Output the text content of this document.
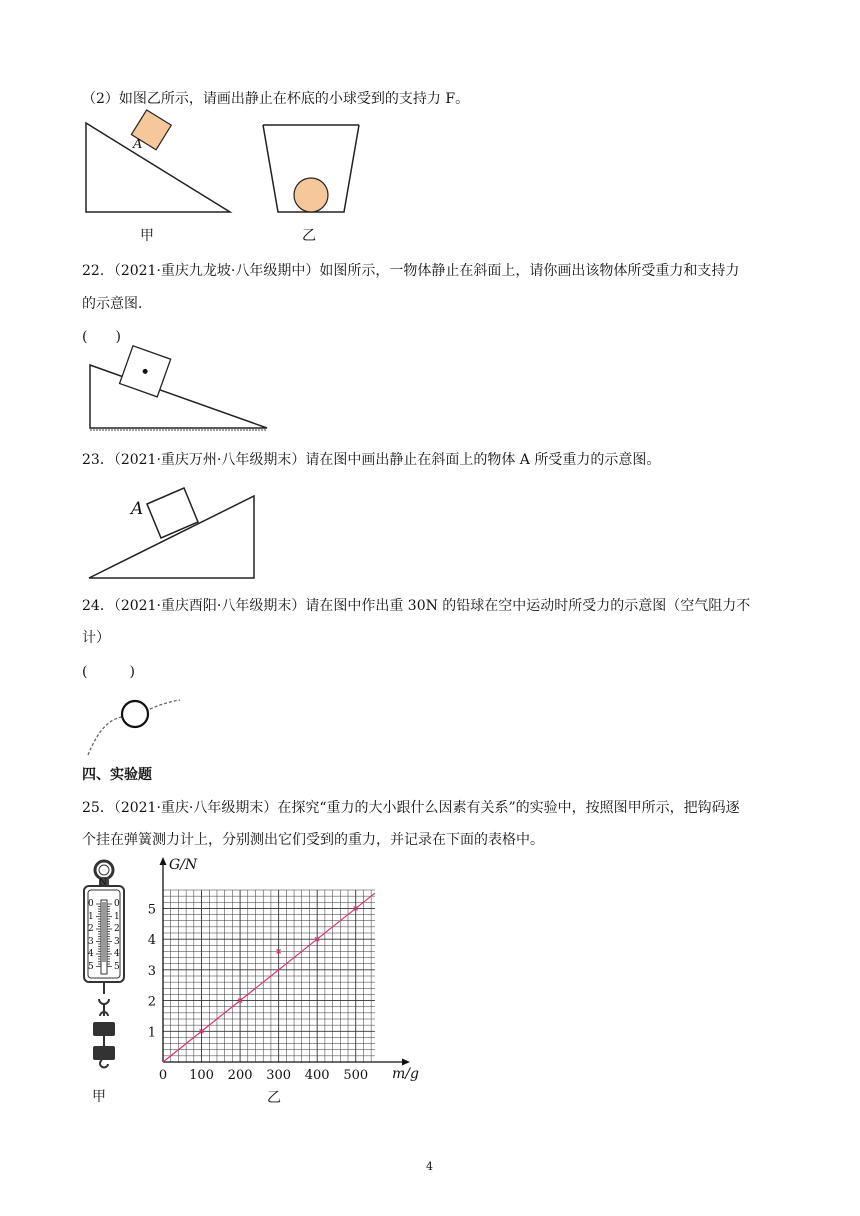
（2）如图乙所示，请画出静止在杯底的小球受到的支持力 F。
A
甲	乙
22．（2021·重庆九龙坡·八年级期中）如图所示，一物体静止在斜面上，请你画出该物体所受重力和支持力
的示意图．
(　　)
23．（2021·重庆万州·八年级期末）请在图中画出静止在斜面上的物体 A 所受重力的示意图。
A
24．（2021·重庆酉阳·八年级期末）请在图中作出重 30N 的铅球在空中运动时所受力的示意图（空气阻力不
计）
(　　　)
四、实验题
25．（2021·重庆·八年级期末）在探究“重力的大小跟什么因素有关系”的实验中，按照图甲所示，把钩码逐
个挂在弹簧测力计上，分别测出它们受到的重力，并记录在下面的表格中。
0 0
1 1
2 2
3 3
4 4
5 5
N
甲
0 100 200 300 400 500
1
2
3
4
5
G/N
m/g
乙
4
